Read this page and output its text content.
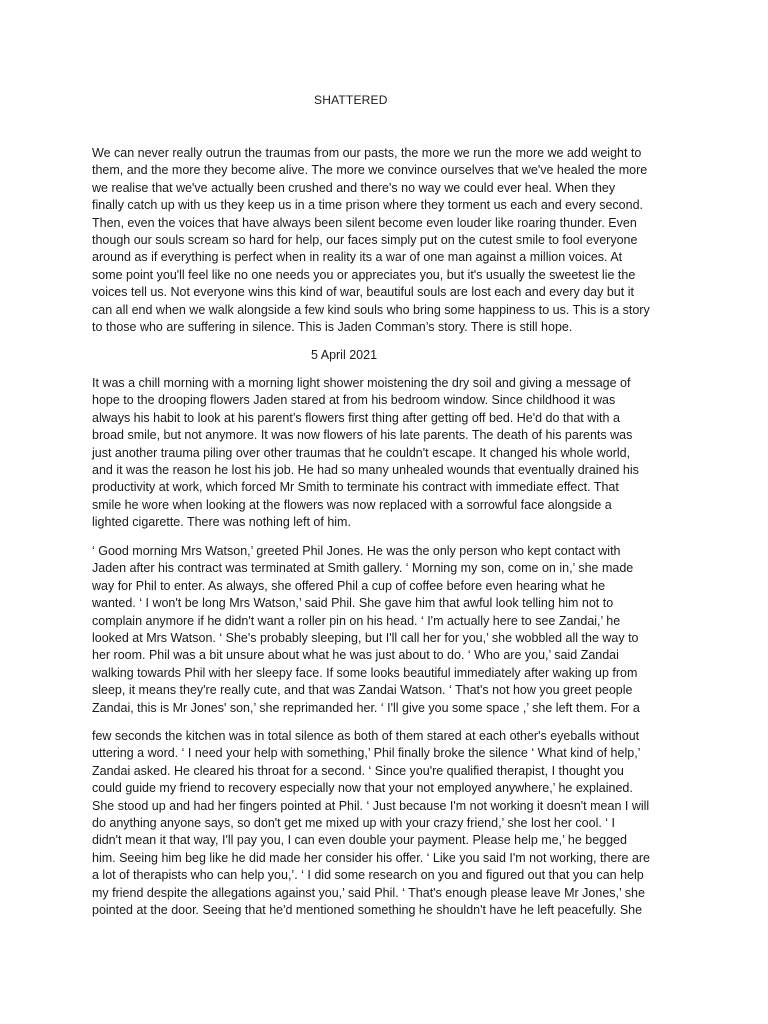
SHATTERED
We can never really outrun the traumas from our pasts, the more we run the more we add weight to
them, and the more they become alive. The more we convince ourselves that we've healed the more
we realise that we've actually been crushed and there's no way we could ever heal. When they
finally catch up with us they keep us in a time prison where they torment us each and every second.
Then, even the voices that have always been silent become even louder like roaring thunder. Even
though our souls scream so hard for help, our faces simply put on the cutest smile to fool everyone
around as if everything is perfect when in reality its a war of one man against a million voices. At
some point you'll feel like no one needs you or appreciates you, but it's usually the sweetest lie the
voices tell us. Not everyone wins this kind of war, beautiful souls are lost each and every day but it
can all end when we walk alongside a few kind souls who bring some happiness to us. This is a story
to those who are suffering in silence. This is Jaden Comman’s story. There is still hope.
5 April 2021
It was a chill morning with a morning light shower moistening the dry soil and giving a message of
hope to the drooping flowers Jaden stared at from his bedroom window. Since childhood it was
always his habit to look at his parent’s flowers first thing after getting off bed. He'd do that with a
broad smile, but not anymore. It was now flowers of his late parents. The death of his parents was
just another trauma piling over other traumas that he couldn't escape. It changed his whole world,
and it was the reason he lost his job. He had so many unhealed wounds that eventually drained his
productivity at work, which forced Mr Smith to terminate his contract with immediate effect. That
smile he wore when looking at the flowers was now replaced with a sorrowful face alongside a
lighted cigarette. There was nothing left of him.
‘ Good morning Mrs Watson,’ greeted Phil Jones. He was the only person who kept contact with
Jaden after his contract was terminated at Smith gallery. ‘ Morning my son, come on in,’ she made
way for Phil to enter. As always, she offered Phil a cup of coffee before even hearing what he
wanted. ‘ I won't be long Mrs Watson,’ said Phil. She gave him that awful look telling him not to
complain anymore if he didn't want a roller pin on his head. ‘ I'm actually here to see Zandai,’ he
looked at Mrs Watson. ‘ She's probably sleeping, but I'll call her for you,’ she wobbled all the way to
her room. Phil was a bit unsure about what he was just about to do. ‘ Who are you,’ said Zandai
walking towards Phil with her sleepy face. If some looks beautiful immediately after waking up from
sleep, it means they're really cute, and that was Zandai Watson. ‘ That's not how you greet people
Zandai, this is Mr Jones' son,’ she reprimanded her. ‘ I'll give you some space ,’ she left them. For a
few seconds the kitchen was in total silence as both of them stared at each other's eyeballs without
uttering a word. ‘ I need your help with something,’ Phil finally broke the silence ‘ What kind of help,’
Zandai asked. He cleared his throat for a second. ‘ Since you're qualified therapist, I thought you
could guide my friend to recovery especially now that your not employed anywhere,’ he explained.
She stood up and had her fingers pointed at Phil. ‘ Just because I'm not working it doesn't mean I will
do anything anyone says, so don't get me mixed up with your crazy friend,’ she lost her cool. ‘ I
didn't mean it that way, I'll pay you, I can even double your payment. Please help me,’ he begged
him. Seeing him beg like he did made her consider his offer. ‘ Like you said I'm not working, there are
a lot of therapists who can help you,’. ‘ I did some research on you and figured out that you can help
my friend despite the allegations against you,’ said Phil. ‘ That's enough please leave Mr Jones,’ she
pointed at the door. Seeing that he'd mentioned something he shouldn't have he left peacefully. She
